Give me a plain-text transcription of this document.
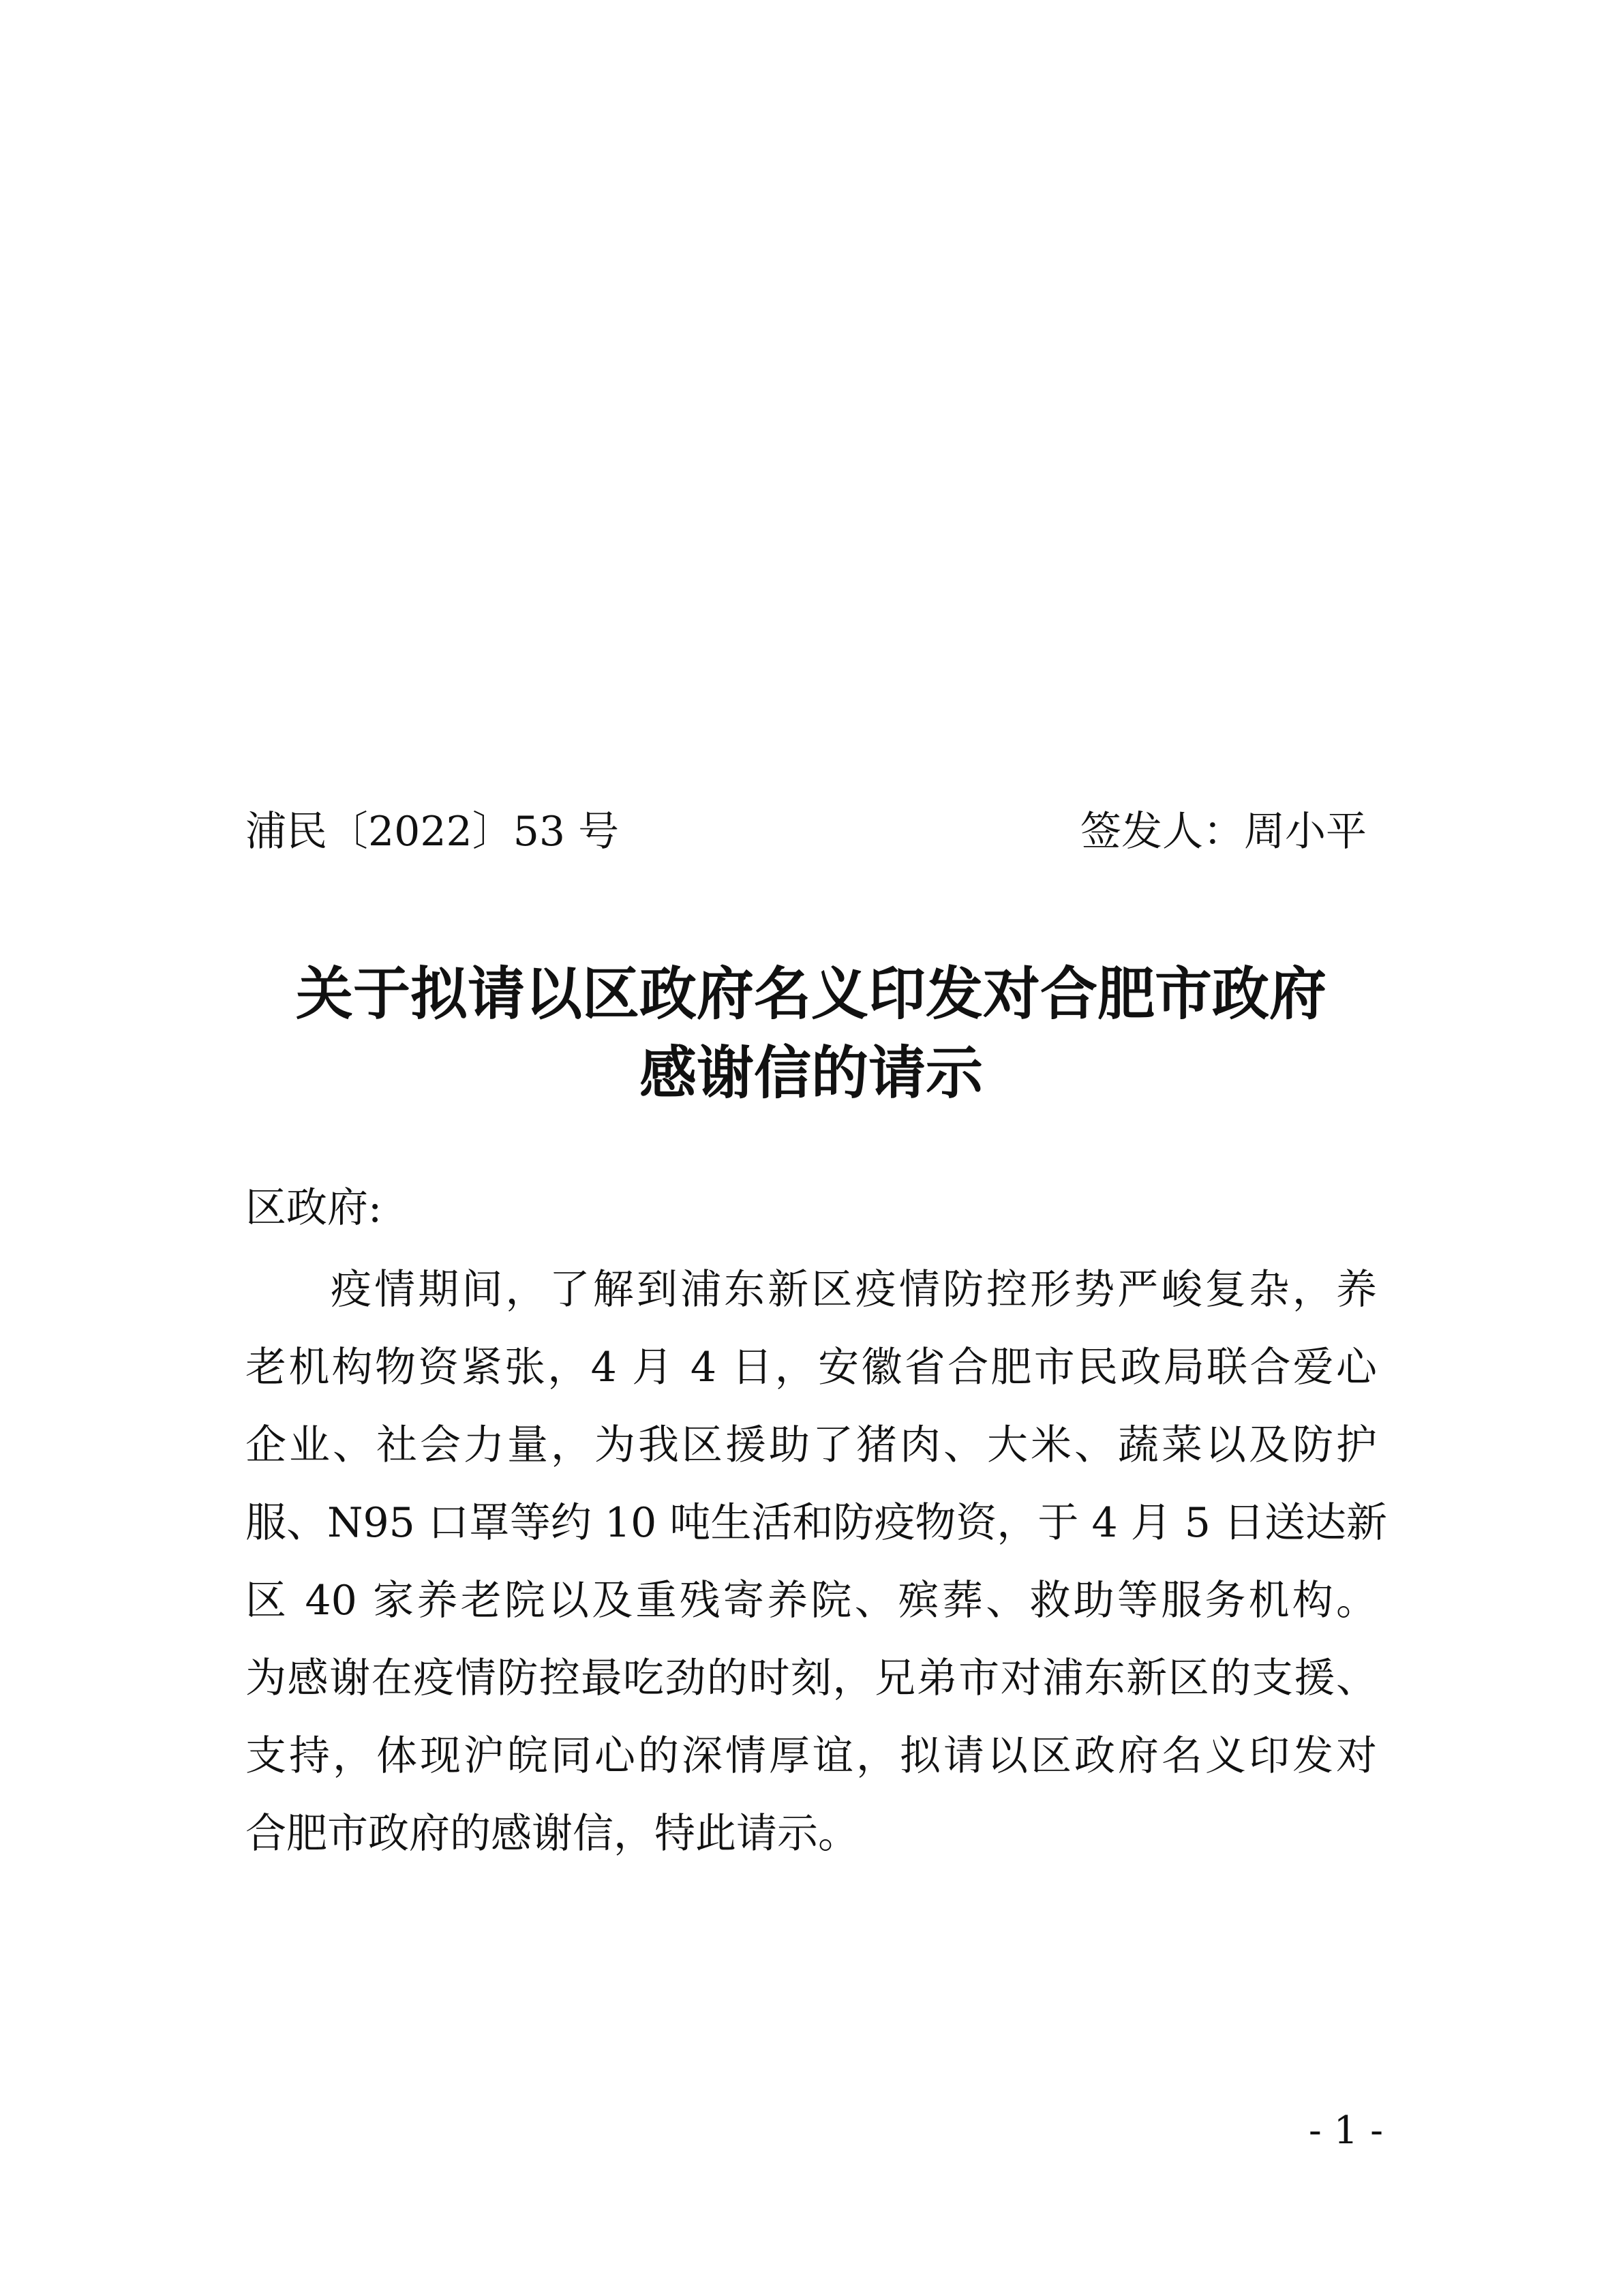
浦民〔2022〕53 号	签发人：周小平
关于拟请以区政府名义印发对合肥市政府
感谢信的请示
区政府:
疫情期间，了解到浦东新区疫情防控形势严峻复杂，养
老机构物资紧张，4 月 4 日，安徽省合肥市民政局联合爱心
企业、社会力量，为我区援助了猪肉、大米、蔬菜以及防护
服、N95 口罩等约 10 吨生活和防疫物资，于 4 月 5 日送达新
区 40 家养老院以及重残寄养院、殡葬、救助等服务机构。
为感谢在疫情防控最吃劲的时刻，兄弟市对浦东新区的支援、
支持，体现沪皖同心的深情厚谊，拟请以区政府名义印发对
合肥市政府的感谢信，特此请示。
- 1 -
